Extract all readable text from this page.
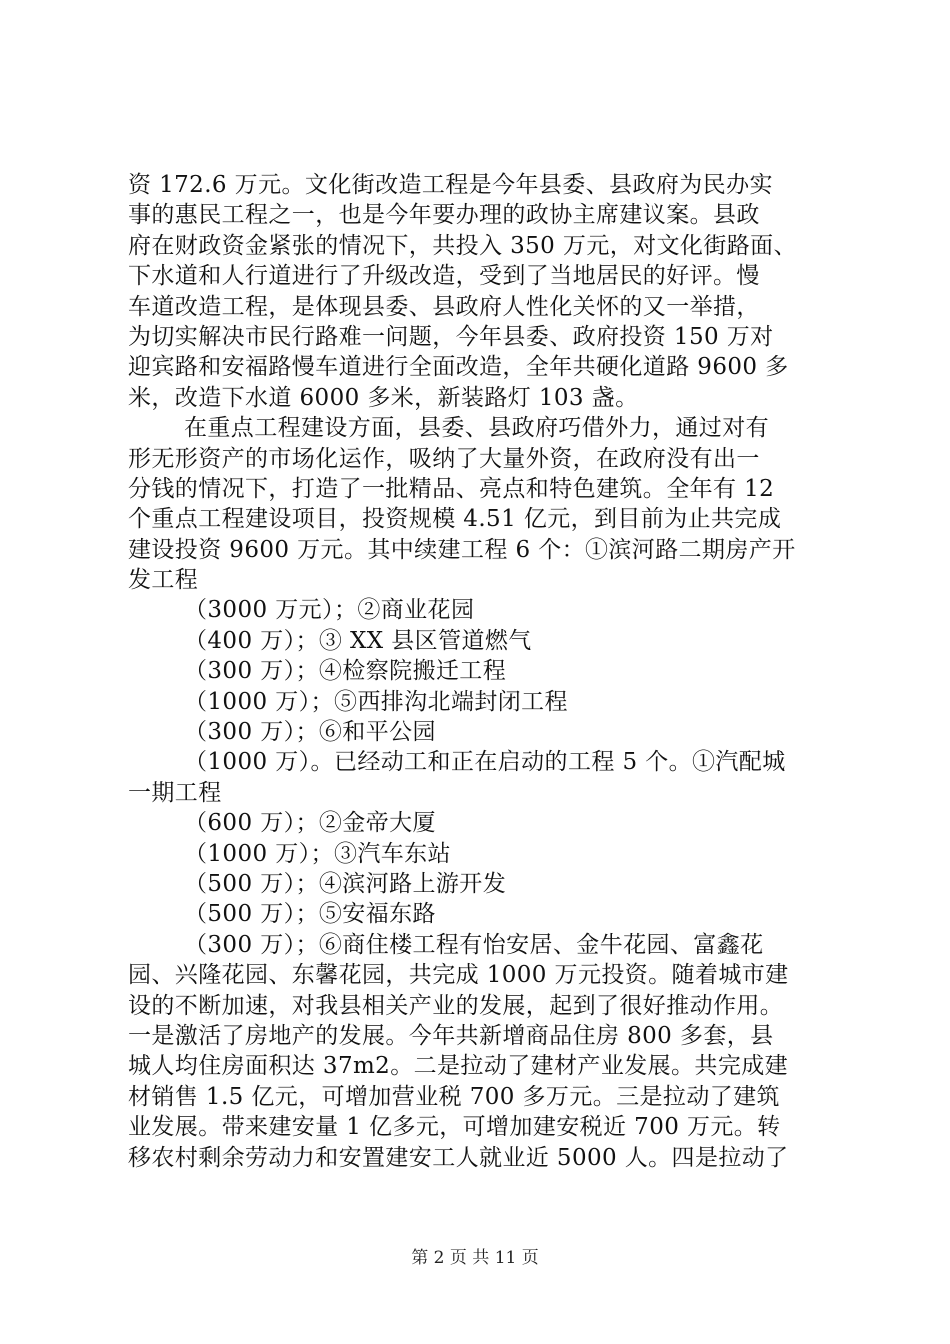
资 172.6 万元。文化街改造工程是今年县委、县政府为民办实
事的惠民工程之一，也是今年要办理的政协主席建议案。县政
府在财政资金紧张的情况下，共投入 350 万元，对文化街路面、
下水道和人行道进行了升级改造，受到了当地居民的好评。慢
车道改造工程，是体现县委、县政府人性化关怀的又一举措，
为切实解决市民行路难一问题，今年县委、政府投资 150 万对
迎宾路和安福路慢车道进行全面改造，全年共硬化道路 9600 多
米，改造下水道 6000 多米，新装路灯 103 盏。
在重点工程建设方面，县委、县政府巧借外力，通过对有
形无形资产的市场化运作，吸纳了大量外资，在政府没有出一
分钱的情况下，打造了一批精品、亮点和特色建筑。全年有 12
个重点工程建设项目，投资规模 4.51 亿元，到目前为止共完成
建设投资 9600 万元。其中续建工程 6 个：①滨河路二期房产开
发工程
（3000 万元）；②商业花园
（400 万）；③ XX 县区管道燃气
（300 万）；④检察院搬迁工程
（1000 万）；⑤西排沟北端封闭工程
（300 万）；⑥和平公园
（1000 万）。已经动工和正在启动的工程 5 个。①汽配城
一期工程
（600 万）；②金帝大厦
（1000 万）；③汽车东站
（500 万）；④滨河路上游开发
（500 万）；⑤安福东路
（300 万）；⑥商住楼工程有怡安居、金牛花园、富鑫花
园、兴隆花园、东馨花园，共完成 1000 万元投资。随着城市建
设的不断加速，对我县相关产业的发展，起到了很好推动作用。
一是激活了房地产的发展。今年共新增商品住房 800 多套，县
城人均住房面积达 37m2。二是拉动了建材产业发展。共完成建
材销售 1.5 亿元，可增加营业税 700 多万元。三是拉动了建筑
业发展。带来建安量 1 亿多元，可增加建安税近 700 万元。转
移农村剩余劳动力和安置建安工人就业近 5000 人。四是拉动了
第 2 页 共 11 页
